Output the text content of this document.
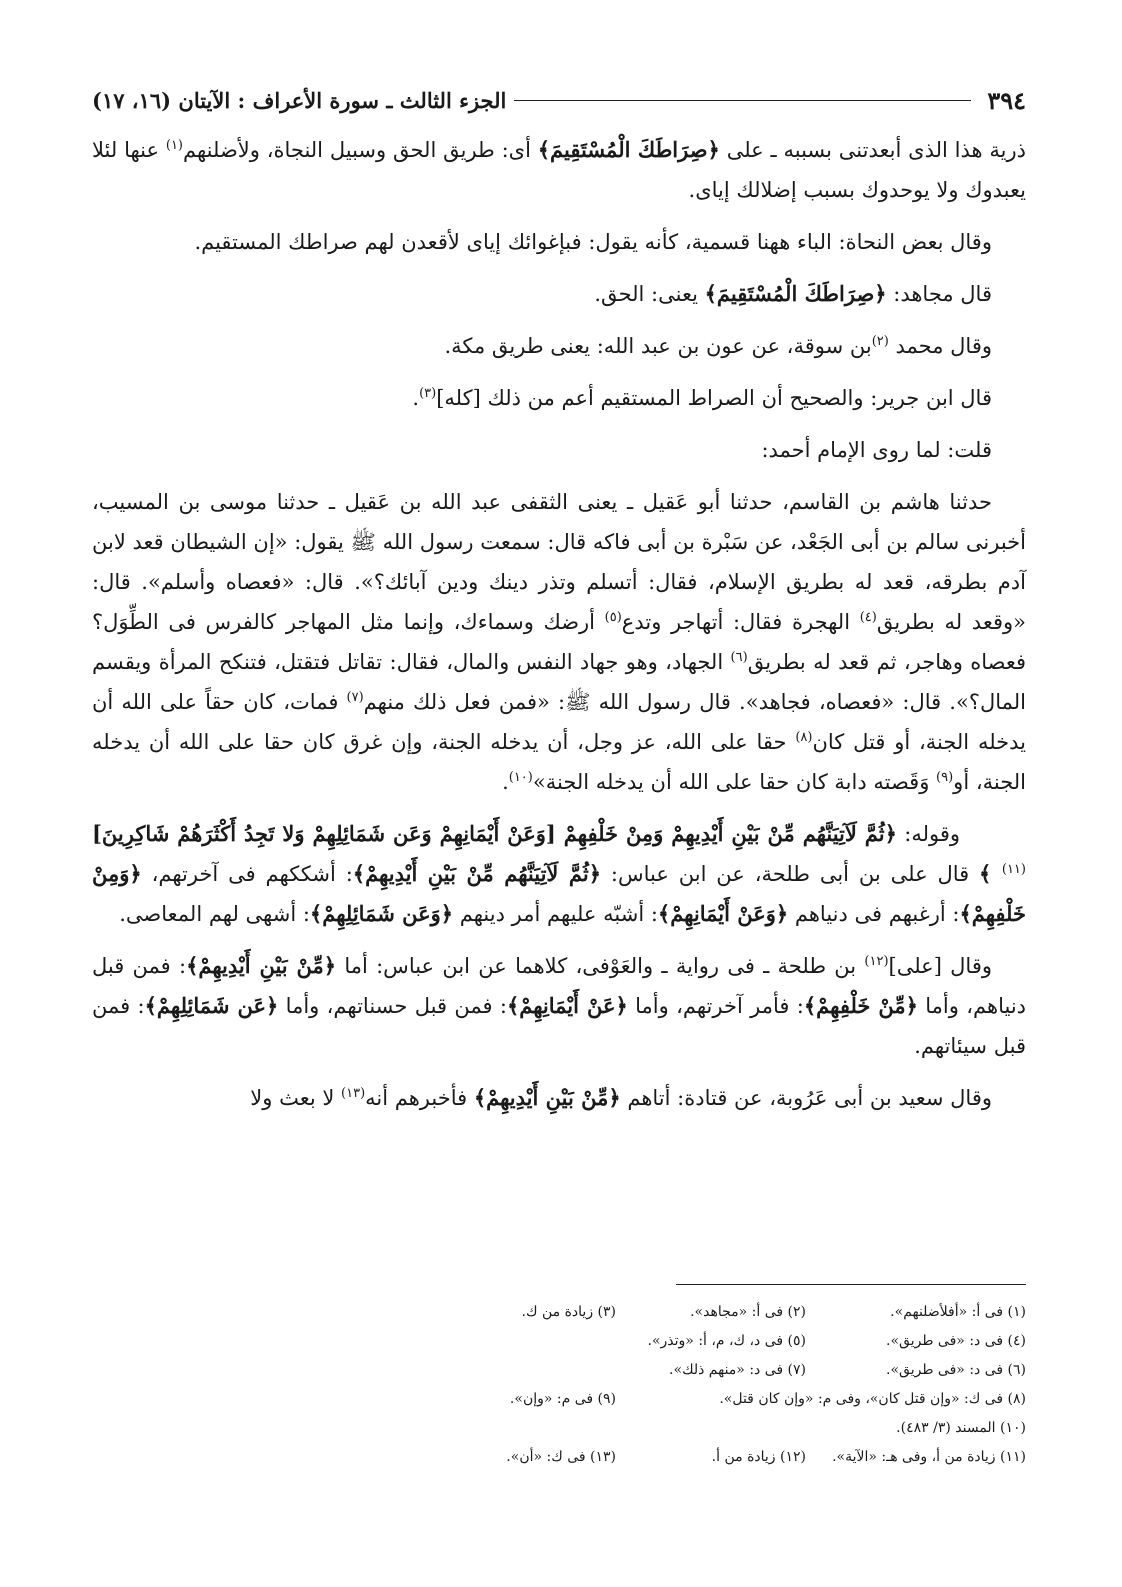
٣٩٤
الجزء الثالث ـ سورة الأعراف : الآيتان (١٦، ١٧)

ذرية هذا الذى أبعدتنى بسببه ـ على ﴿صِرَاطَكَ الْمُسْتَقِيمَ﴾ أى: طريق الحق وسبيل النجاة، ولأضلنهم$^{(١)}$ عنها لئلا يعبدوك ولا يوحدوك بسبب إضلالك إياى.

وقال بعض النحاة: الباء ههنا قسمية، كأنه يقول: فبإغوائك إياى لأقعدن لهم صراطك المستقيم.

قال مجاهد: ﴿صِرَاطَكَ الْمُسْتَقِيمَ﴾ يعنى: الحق.

وقال محمد $^{(٢)}$بن سوقة، عن عون بن عبد الله: يعنى طريق مكة.

قال ابن جرير: والصحيح أن الصراط المستقيم أعم من ذلك [كله]$^{(٣)}$.

قلت: لما روى الإمام أحمد:

حدثنا هاشم بن القاسم، حدثنا أبو عَقيل ـ يعنى الثقفى عبد الله بن عَقيل ـ حدثنا موسى بن المسيب، أخبرنى سالم بن أبى الجَعْد، عن سَبْرة بن أبى فاكه قال: سمعت رسول الله ﷺ يقول: «إن الشيطان قعد لابن آدم بطرقه، قعد له بطريق الإسلام، فقال: أتسلم وتذر دينك ودين آبائك؟». قال: «فعصاه وأسلم». قال: «وقعد له بطريق$^{(٤)}$ الهجرة فقال: أتهاجر وتدع$^{(٥)}$ أرضك وسماءك، وإنما مثل المهاجر كالفرس فى الطِّوَل؟ فعصاه وهاجر، ثم قعد له بطريق$^{(٦)}$ الجهاد، وهو جهاد النفس والمال، فقال: تقاتل فتقتل، فتنكح المرأة ويقسم المال؟». قال: «فعصاه، فجاهد». قال رسول الله ﷺ: «فمن فعل ذلك منهم$^{(٧)}$ فمات، كان حقاً على الله أن يدخله الجنة، أو قتل كان$^{(٨)}$ حقا على الله، عز وجل، أن يدخله الجنة، وإن غرق كان حقا على الله أن يدخله الجنة، أو$^{(٩)}$ وَقَصته دابة كان حقا على الله أن يدخله الجنة»$^{(١٠)}$.

وقوله: ﴿ثُمَّ لَآتِيَنَّهُم مِّنْ بَيْنِ أَيْدِيهِمْ وَمِنْ خَلْفِهِمْ [وَعَنْ أَيْمَانِهِمْ وَعَن شَمَائِلِهِمْ وَلا تَجِدُ أَكْثَرَهُمْ شَاكِرِينَ] $^{(١١)}$ ﴾ قال على بن أبى طلحة، عن ابن عباس: ﴿ثُمَّ لَآتِيَنَّهُم مِّنْ بَيْنِ أَيْدِيهِمْ﴾: أشككهم فى آخرتهم، ﴿وَمِنْ خَلْفِهِمْ﴾: أرغبهم فى دنياهم ﴿وَعَنْ أَيْمَانِهِمْ﴾: أشبّه عليهم أمر دينهم ﴿وَعَن شَمَائِلِهِمْ﴾: أشهى لهم المعاصى.

وقال [على]$^{(١٢)}$ بن طلحة ـ فى رواية ـ والعَوْفى، كلاهما عن ابن عباس: أما ﴿مِّنْ بَيْنِ أَيْدِيهِمْ﴾: فمن قبل دنياهم، وأما ﴿مِّنْ خَلْفِهِمْ﴾: فأمر آخرتهم، وأما ﴿عَنْ أَيْمَانِهِمْ﴾: فمن قبل حسناتهم، وأما ﴿عَن شَمَائِلِهِمْ﴾: فمن قبل سيئاتهم.

وقال سعيد بن أبى عَرُوبة، عن قتادة: أتاهم ﴿مِّنْ بَيْنِ أَيْدِيهِمْ﴾ فأخبرهم أنه$^{(١٣)}$ لا بعث ولا

(١) فى أ: «أفلأضلنهم».
(٢) فى أ: «مجاهد».
(٣) زيادة من ك.
(٤) فى د: «فى طريق».
(٥) فى د، ك، م، أ: «وتذر».
(٦) فى د: «فى طريق».
(٧) فى د: «منهم ذلك».
(٨) فى ك: «وإن قتل كان»، وفى م: «وإن كان قتل».
(٩) فى م: «وإن».
(١٠) المسند (٣/ ٤٨٣).
(١١) زيادة من أ، وفى هـ: «الآية».
(١٢) زيادة من أ.
(١٣) فى ك: «أن».
